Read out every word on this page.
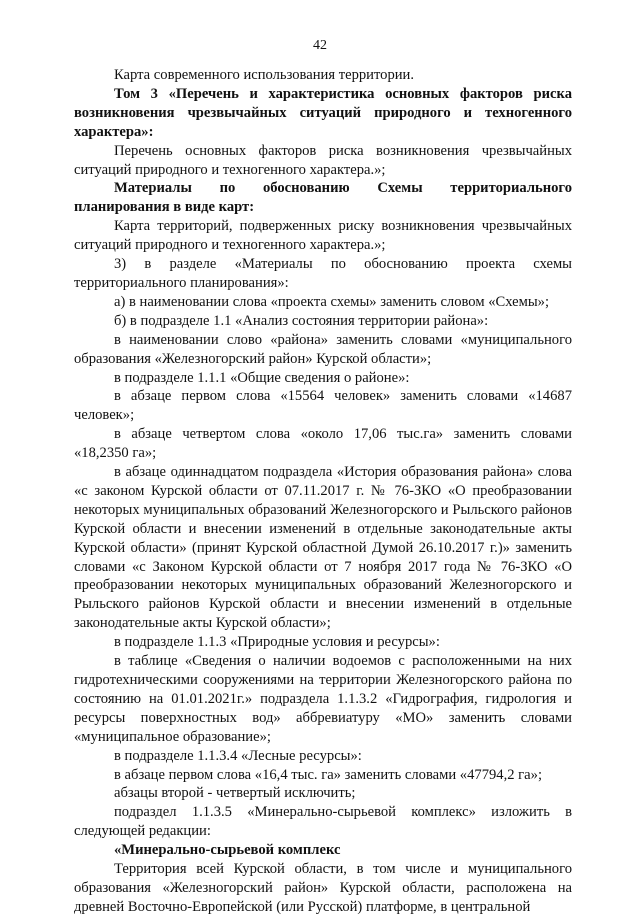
42

Карта современного использования территории.

Том 3 «Перечень и характеристика основных факторов риска возникновения чрезвычайных ситуаций природного и техногенного характера»:

Перечень основных факторов риска возникновения чрезвычайных ситуаций природного и техногенного характера.»;

Материалы по обоснованию Схемы территориального планирования в виде карт:

Карта территорий, подверженных риску возникновения чрезвычайных ситуаций природного и техногенного характера.»;

3) в разделе «Материалы по обоснованию проекта схемы территориального планирования»:

а) в наименовании слова «проекта схемы» заменить словом «Схемы»;

б) в подразделе 1.1 «Анализ состояния территории района»:

в наименовании слово «района» заменить словами «муниципального образования «Железногорский район» Курской области»;

в подразделе 1.1.1 «Общие сведения о районе»:

в абзаце первом слова «15564 человек» заменить словами «14687 человек»;

в абзаце четвертом слова «около 17,06 тыс.га» заменить словами «18,2350 га»;

в абзаце одиннадцатом подраздела «История образования района» слова «с законом Курской области от 07.11.2017 г. № 76-ЗКО «О преобразовании некоторых муниципальных образований Железногорского и Рыльского районов Курской области и внесении изменений в отдельные законодательные акты Курской области» (принят Курской областной Думой 26.10.2017 г.)» заменить словами «с Законом Курской области от 7 ноября 2017 года № 76-ЗКО «О преобразовании некоторых муниципальных образований Железногорского и Рыльского районов Курской области и внесении изменений в отдельные законодательные акты Курской области»;

в подразделе 1.1.3 «Природные условия и ресурсы»:

в таблице «Сведения о наличии водоемов с расположенными на них гидротехническими сооружениями на территории Железногорского района по состоянию на 01.01.2021г.» подраздела 1.1.3.2 «Гидрография, гидрология и ресурсы поверхностных вод» аббревиатуру «МО» заменить словами «муниципальное образование»;

в подразделе 1.1.3.4 «Лесные ресурсы»:

в абзаце первом слова «16,4 тыс. га» заменить словами «47794,2 га»;

абзацы второй - четвертый исключить;

подраздел 1.1.3.5 «Минерально-сырьевой комплекс» изложить в следующей редакции:

«Минерально-сырьевой комплекс

Территория всей Курской области, в том числе и муниципального образования «Железногорский район» Курской области, расположена на древней Восточно-Европейской (или Русской) платформе, в центральной
